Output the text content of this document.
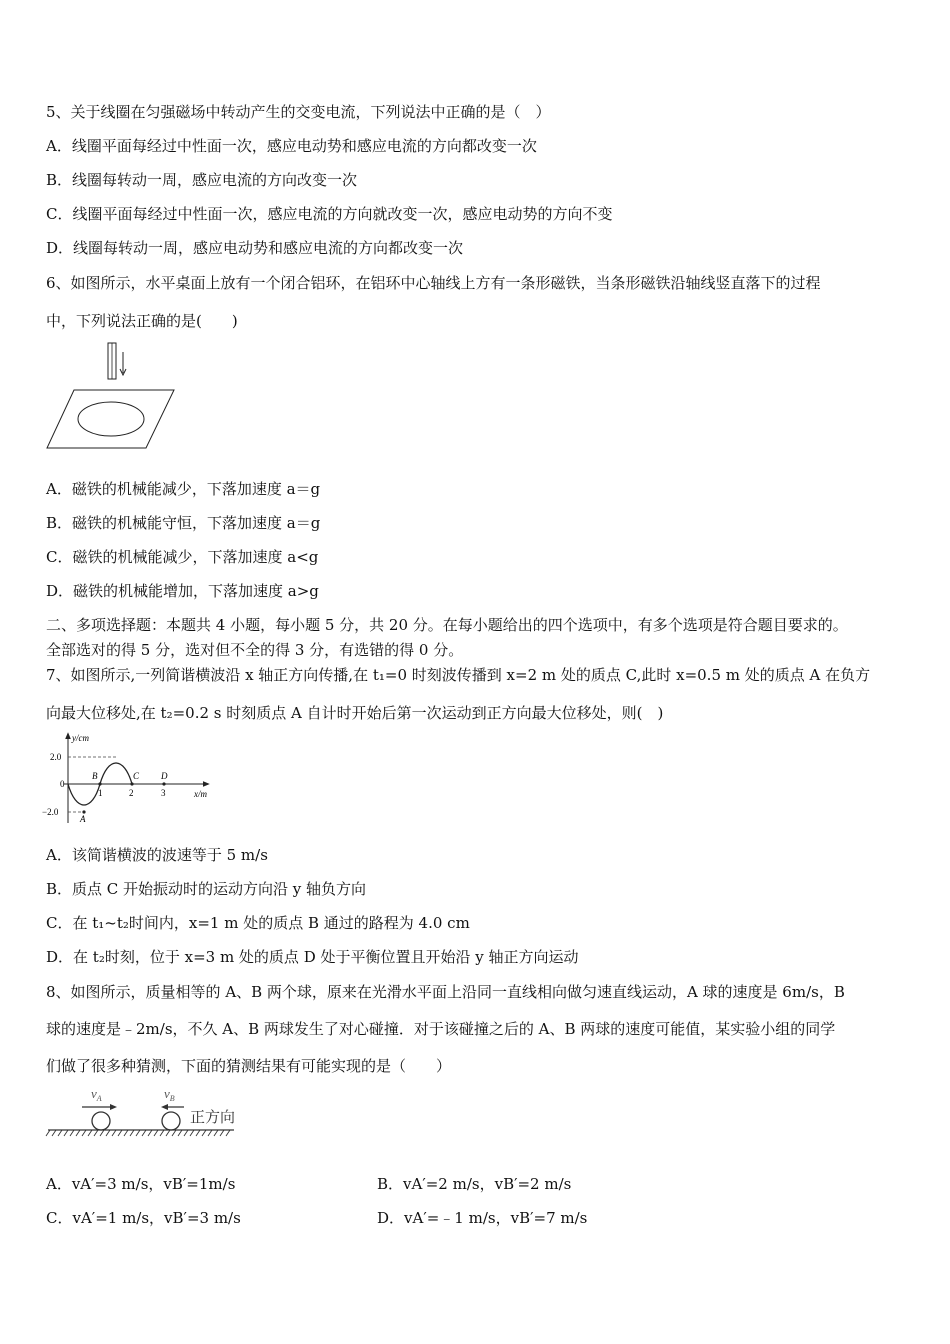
5、关于线圈在匀强磁场中转动产生的交变电流，下列说法中正确的是（　）
A．线圈平面每经过中性面一次，感应电动势和感应电流的方向都改变一次
B．线圈每转动一周，感应电流的方向改变一次
C．线圈平面每经过中性面一次，感应电流的方向就改变一次，感应电动势的方向不变
D．线圈每转动一周，感应电动势和感应电流的方向都改变一次
6、如图所示，水平桌面上放有一个闭合铝环，在铝环中心轴线上方有一条形磁铁，当条形磁铁沿轴线竖直落下的过程
中，下列说法正确的是(　　)
A．磁铁的机械能减少，下落加速度 a＝g
B．磁铁的机械能守恒，下落加速度 a＝g
C．磁铁的机械能减少，下落加速度 a<g
D．磁铁的机械能增加，下落加速度 a>g
二、多项选择题：本题共 4 小题，每小题 5 分，共 20 分。在每小题给出的四个选项中，有多个选项是符合题目要求的。
全部选对的得 5 分，选对但不全的得 3 分，有选错的得 0 分。
7、如图所示,一列简谐横波沿 x 轴正方向传播,在 t₁=0 时刻波传播到 x=2 m 处的质点 C,此时 x=0.5 m 处的质点 A 在负方
向最大位移处,在 t₂=0.2 s 时刻质点 A 自计时开始后第一次运动到正方向最大位移处，则(　)
y/cm
x/m
2.0
0
−2.0
A
B	C D
1	2	3
A．该简谐横波的波速等于 5 m/s
B．质点 C 开始振动时的运动方向沿 y 轴负方向
C．在 t₁~t₂时间内，x=1 m 处的质点 B 通过的路程为 4.0 cm
D．在 t₂时刻，位于 x=3 m 处的质点 D 处于平衡位置且开始沿 y 轴正方向运动
8、如图所示，质量相等的 A、B 两个球，原来在光滑水平面上沿同一直线相向做匀速直线运动，A 球的速度是 6m/s，B
球的速度是﹣2m/s，不久 A、B 两球发生了对心碰撞．对于该碰撞之后的 A、B 两球的速度可能值，某实验小组的同学
们做了很多种猜测，下面的猜测结果有可能实现的是（　　）
$v_A$	$v_B$
正方向
A．vA′=3 m/s，vB′=1m/s	B．vA′=2 m/s，vB′=2 m/s
C．vA′=1 m/s，vB′=3 m/s	D．vA′=﹣1 m/s，vB′=7 m/s
